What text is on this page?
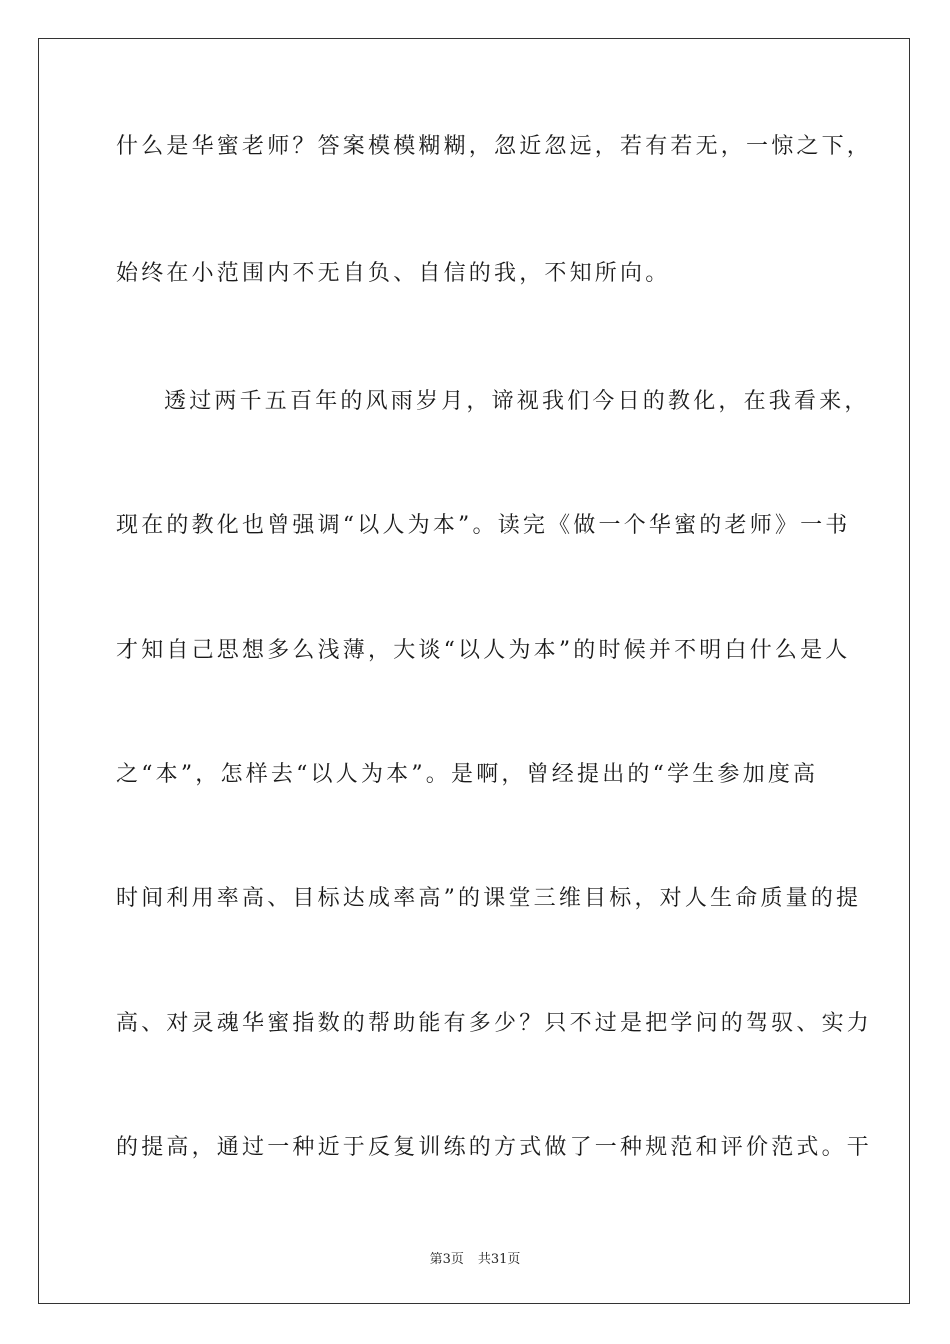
什么是华蜜老师？答案模模糊糊，忽近忽远，若有若无，一惊之下，
始终在小范围内不无自负、自信的我，不知所向。
透过两千五百年的风雨岁月，谛视我们今日的教化，在我看来，
现在的教化也曾强调“以人为本”。读完《做一个华蜜的老师》一书
才知自己思想多么浅薄，大谈“以人为本”的时候并不明白什么是人
之“本”，怎样去“以人为本”。是啊，曾经提出的“学生参加度高
时间利用率高、目标达成率高”的课堂三维目标，对人生命质量的提
高、对灵魂华蜜指数的帮助能有多少？只不过是把学问的驾驭、实力
的提高，通过一种近于反复训练的方式做了一种规范和评价范式。干
第3页 共31页
